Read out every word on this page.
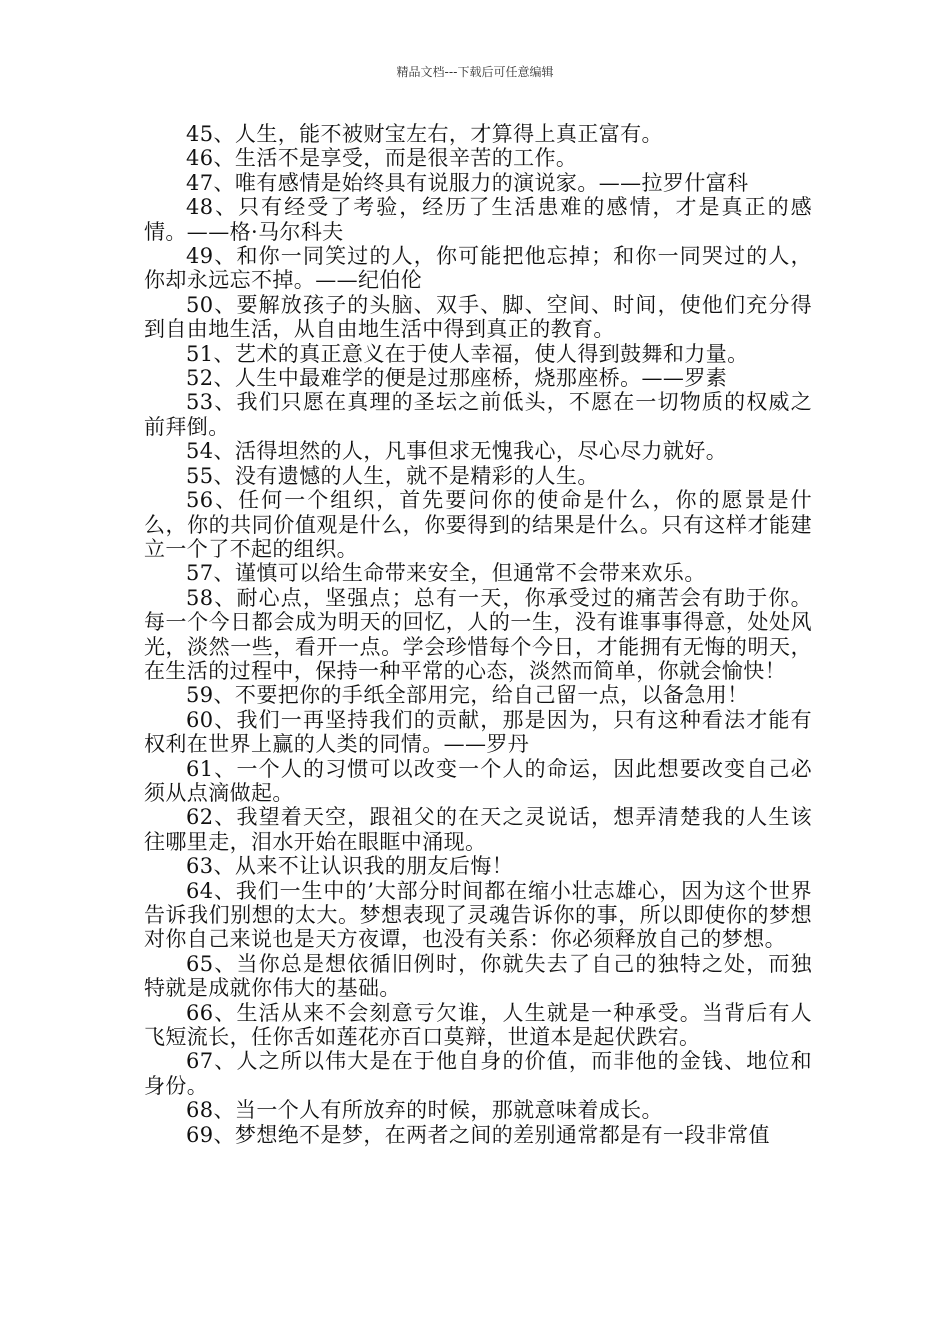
精品文档---下载后可任意编辑

45、人生，能不被财宝左右，才算得上真正富有。

46、生活不是享受，而是很辛苦的工作。

47、唯有感情是始终具有说服力的演说家。——拉罗什富科

48、只有经受了考验，经历了生活患难的感情，才是真正的感情。——格·马尔科夫

49、和你一同笑过的人，你可能把他忘掉；和你一同哭过的人，你却永远忘不掉。——纪伯伦

50、要解放孩子的头脑、双手、脚、空间、时间，使他们充分得到自由地生活，从自由地生活中得到真正的教育。

51、艺术的真正意义在于使人幸福，使人得到鼓舞和力量。

52、人生中最难学的便是过那座桥，烧那座桥。——罗素

53、我们只愿在真理的圣坛之前低头，不愿在一切物质的权威之前拜倒。

54、活得坦然的人，凡事但求无愧我心，尽心尽力就好。

55、没有遗憾的人生，就不是精彩的人生。

56、任何一个组织，首先要问你的使命是什么，你的愿景是什么，你的共同价值观是什么，你要得到的结果是什么。只有这样才能建立一个了不起的组织。

57、谨慎可以给生命带来安全，但通常不会带来欢乐。

58、耐心点，坚强点；总有一天，你承受过的痛苦会有助于你。每一个今日都会成为明天的回忆，人的一生，没有谁事事得意，处处风光，淡然一些，看开一点。学会珍惜每个今日，才能拥有无悔的明天，在生活的过程中，保持一种平常的心态，淡然而简单，你就会愉快！

59、不要把你的手纸全部用完，给自己留一点，以备急用！

60、我们一再坚持我们的贡献，那是因为，只有这种看法才能有权利在世界上赢的人类的同情。——罗丹

61、一个人的习惯可以改变一个人的命运，因此想要改变自己必须从点滴做起。

62、我望着天空，跟祖父的在天之灵说话，想弄清楚我的人生该往哪里走，泪水开始在眼眶中涌现。

63、从来不让认识我的朋友后悔！

64、我们一生中的’大部分时间都在缩小壮志雄心，因为这个世界告诉我们别想的太大。梦想表现了灵魂告诉你的事，所以即使你的梦想对你自己来说也是天方夜谭，也没有关系：你必须释放自己的梦想。

65、当你总是想依循旧例时，你就失去了自己的独特之处，而独特就是成就你伟大的基础。

66、生活从来不会刻意亏欠谁，人生就是一种承受。当背后有人飞短流长，任你舌如莲花亦百口莫辩，世道本是起伏跌宕。

67、人之所以伟大是在于他自身的价值，而非他的金钱、地位和身份。

68、当一个人有所放弃的时候，那就意味着成长。

69、梦想绝不是梦，在两者之间的差别通常都是有一段非常值
